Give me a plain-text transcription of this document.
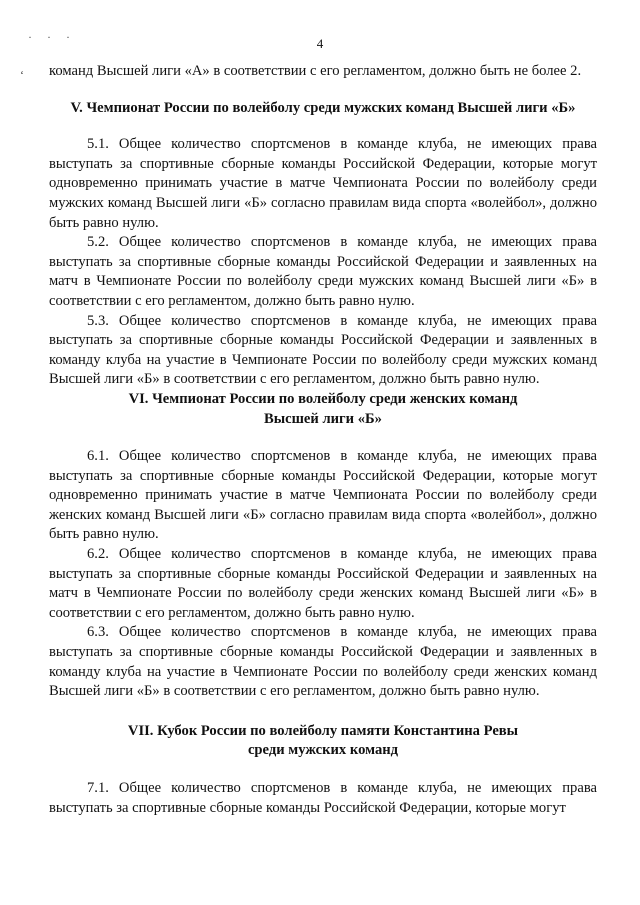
· · ·
‘
4

команд Высшей лиги «А» в соответствии с его регламентом, должно быть не более 2.

V. Чемпионат России по волейболу среди мужских команд Высшей лиги «Б»

5.1. Общее количество спортсменов в команде клуба, не имеющих права выступать за спортивные сборные команды Российской Федерации, которые могут одновременно принимать участие в матче Чемпионата России по волейболу среди мужских команд Высшей лиги «Б» согласно правилам вида спорта «волейбол», должно быть равно нулю.

5.2. Общее количество спортсменов в команде клуба, не имеющих права выступать за спортивные сборные команды Российской Федерации и заявленных на матч в Чемпионате России по волейболу среди мужских команд Высшей лиги «Б» в соответствии с его регламентом, должно быть равно нулю.

5.3. Общее количество спортсменов в команде клуба, не имеющих права выступать за спортивные сборные команды Российской Федерации и заявленных в команду клуба на участие в Чемпионате России по волейболу среди мужских команд Высшей лиги «Б» в соответствии с его регламентом, должно быть равно нулю.

VI. Чемпионат России по волейболу среди женских команд
Высшей лиги «Б»

6.1. Общее количество спортсменов в команде клуба, не имеющих права выступать за спортивные сборные команды Российской Федерации, которые могут одновременно принимать участие в матче Чемпионата России по волейболу среди женских команд Высшей лиги «Б» согласно правилам вида спорта «волейбол», должно быть равно нулю.

6.2. Общее количество спортсменов в команде клуба, не имеющих права выступать за спортивные сборные команды Российской Федерации и заявленных на матч в Чемпионате России по волейболу среди женских команд Высшей лиги «Б» в соответствии с его регламентом, должно быть равно нулю.

6.3. Общее количество спортсменов в команде клуба, не имеющих права выступать за спортивные сборные команды Российской Федерации и заявленных в команду клуба на участие в Чемпионате России по волейболу среди женских команд Высшей лиги «Б» в соответствии с его регламентом, должно быть равно нулю.

VII. Кубок России по волейболу памяти Константина Ревы
среди мужских команд

7.1. Общее количество спортсменов в команде клуба, не имеющих права выступать за спортивные сборные команды Российской Федерации, которые могут
